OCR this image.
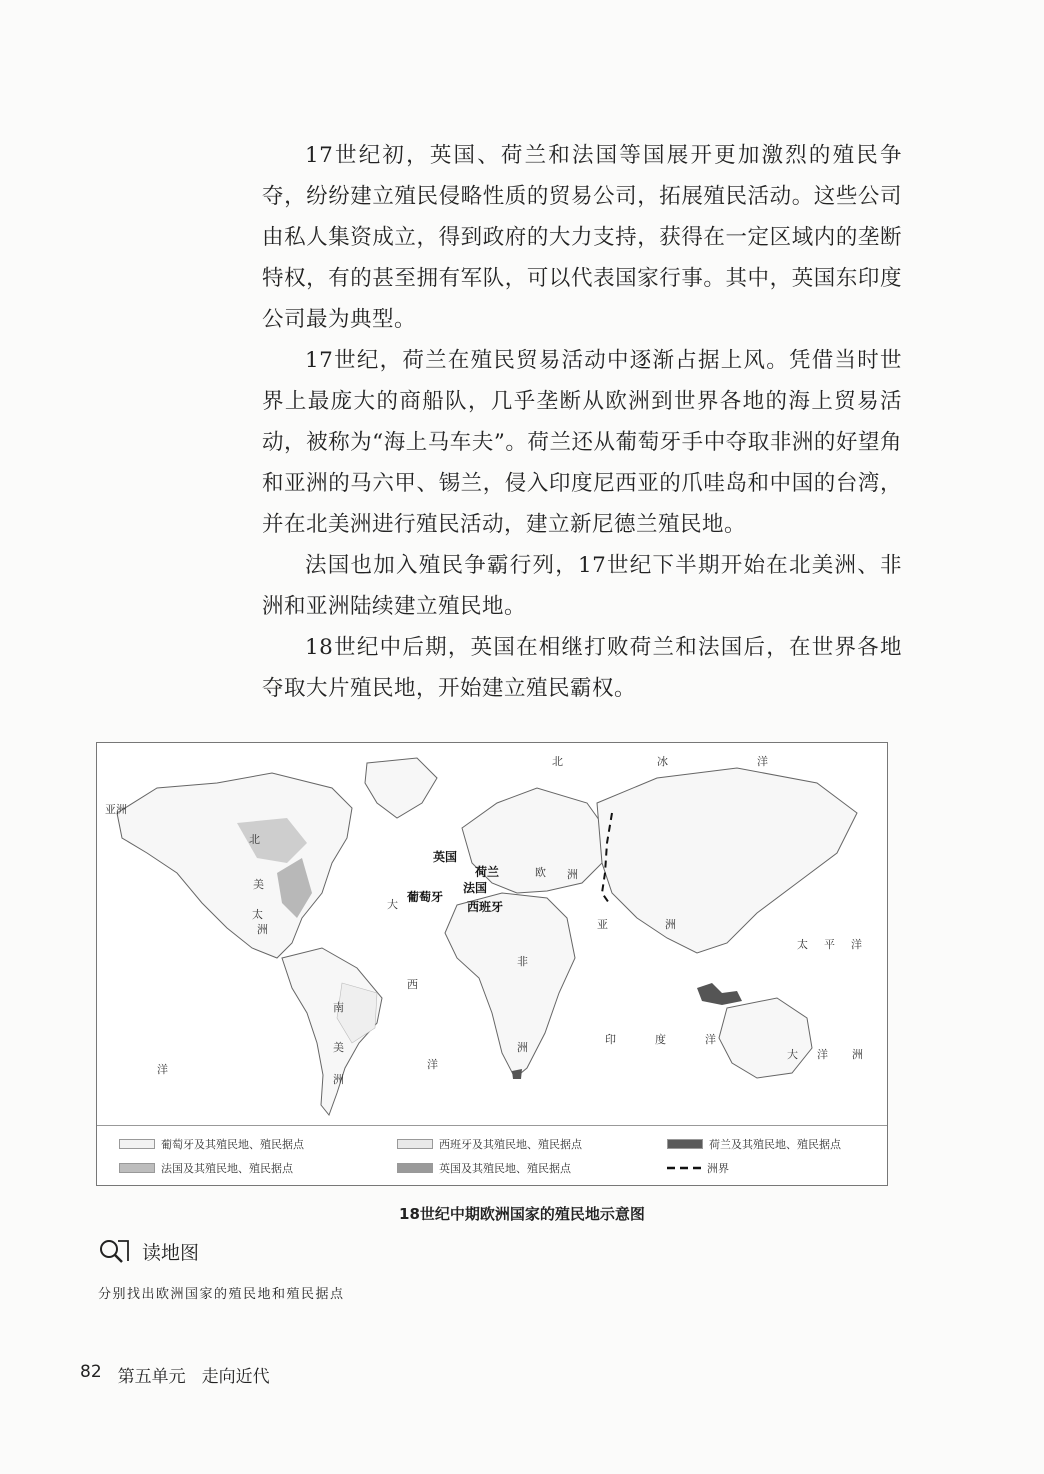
17世纪初，英国、荷兰和法国等国展开更加激烈的殖民争夺，纷纷建立殖民侵略性质的贸易公司，拓展殖民活动。这些公司由私人集资成立，得到政府的大力支持，获得在一定区域内的垄断特权，有的甚至拥有军队，可以代表国家行事。其中，英国东印度公司最为典型。

17世纪，荷兰在殖民贸易活动中逐渐占据上风。凭借当时世界上最庞大的商船队，几乎垄断从欧洲到世界各地的海上贸易活动，被称为“海上马车夫”。荷兰还从葡萄牙手中夺取非洲的好望角和亚洲的马六甲、锡兰，侵入印度尼西亚的爪哇岛和中国的台湾，并在北美洲进行殖民活动，建立新尼德兰殖民地。

法国也加入殖民争霸行列，17世纪下半期开始在北美洲、非洲和亚洲陆续建立殖民地。

18世纪中后期，英国在相继打败荷兰和法国后，在世界各地夺取大片殖民地，开始建立殖民霸权。

英国
荷兰
法国
葡萄牙
西班牙
亚洲
北
美
洲
大
西
洋
欧 洲
非
洲
亚	洲
太
洋
南
美
洲
印	度	洋
太 平 洋
大 洋 洲
北	冰	洋
葡萄牙及其殖民地、殖民据点	西班牙及其殖民地、殖民据点	荷兰及其殖民地、殖民据点
法国及其殖民地、殖民据点	英国及其殖民地、殖民据点	洲界
18世纪中期欧洲国家的殖民地示意图
读地图
分别找出欧洲国家的殖民地和殖民据点
82 第五单元 走向近代
